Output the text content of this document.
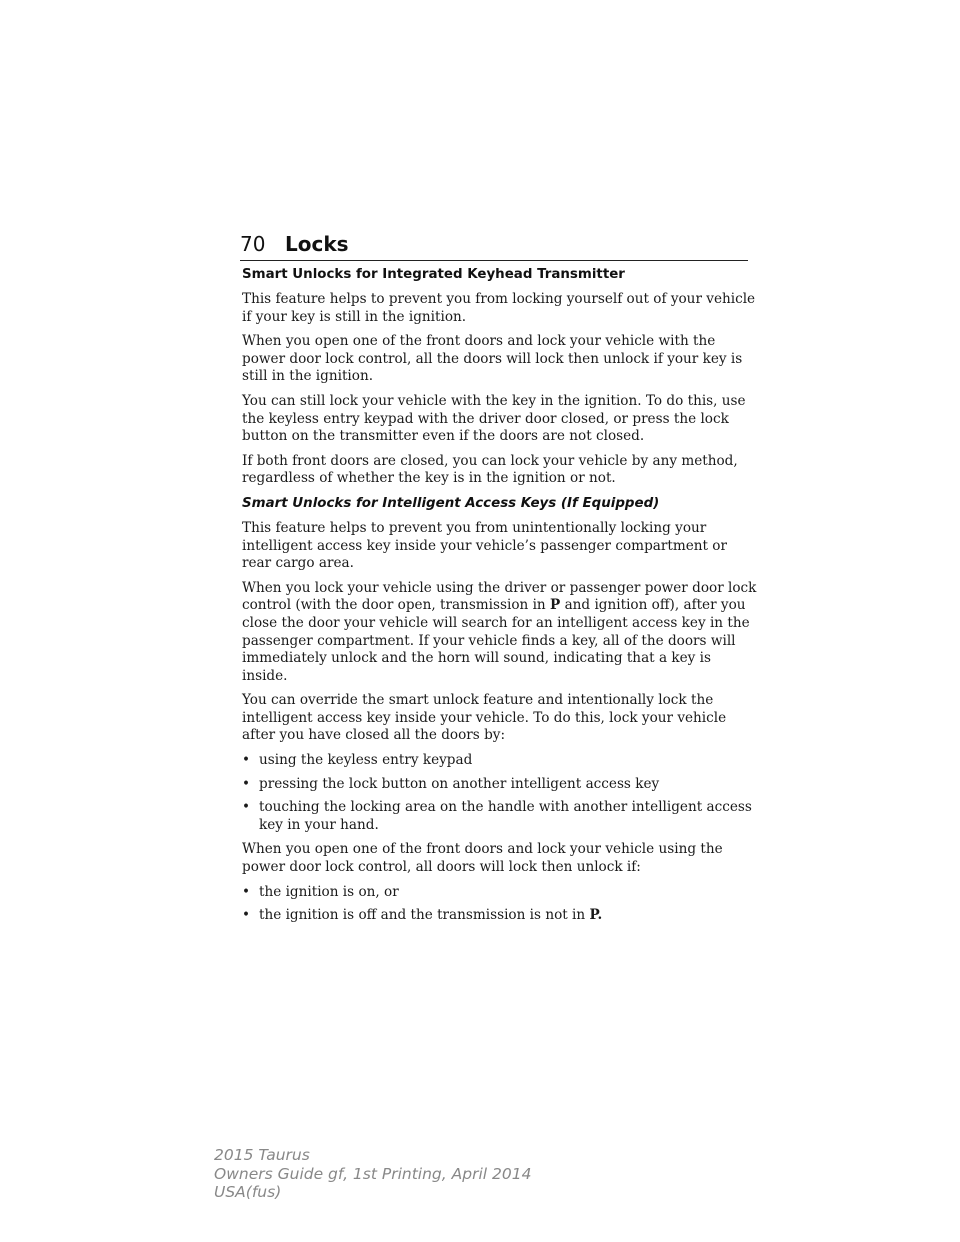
70 Locks
Smart Unlocks for Integrated Keyhead Transmitter

This feature helps to prevent you from locking yourself out of your vehicle if your key is still in the ignition.

When you open one of the front doors and lock your vehicle with the power door lock control, all the doors will lock then unlock if your key is still in the ignition.

You can still lock your vehicle with the key in the ignition. To do this, use the keyless entry keypad with the driver door closed, or press the lock button on the transmitter even if the doors are not closed.

If both front doors are closed, you can lock your vehicle by any method, regardless of whether the key is in the ignition or not.

Smart Unlocks for Intelligent Access Keys (If Equipped)

This feature helps to prevent you from unintentionally locking your intelligent access key inside your vehicle’s passenger compartment or rear cargo area.

When you lock your vehicle using the driver or passenger power door lock control (with the door open, transmission in P and ignition off), after you close the door your vehicle will search for an intelligent access key in the passenger compartment. If your vehicle finds a key, all of the doors will immediately unlock and the horn will sound, indicating that a key is inside.

You can override the smart unlock feature and intentionally lock the intelligent access key inside your vehicle. To do this, lock your vehicle after you have closed all the doors by:

• using the keyless entry keypad
• pressing the lock button on another intelligent access key
• touching the locking area on the handle with another intelligent access key in your hand.

When you open one of the front doors and lock your vehicle using the power door lock control, all doors will lock then unlock if:

• the ignition is on, or
• the ignition is off and the transmission is not in P.
2015 Taurus
Owners Guide gf, 1st Printing, April 2014
USA(fus)
